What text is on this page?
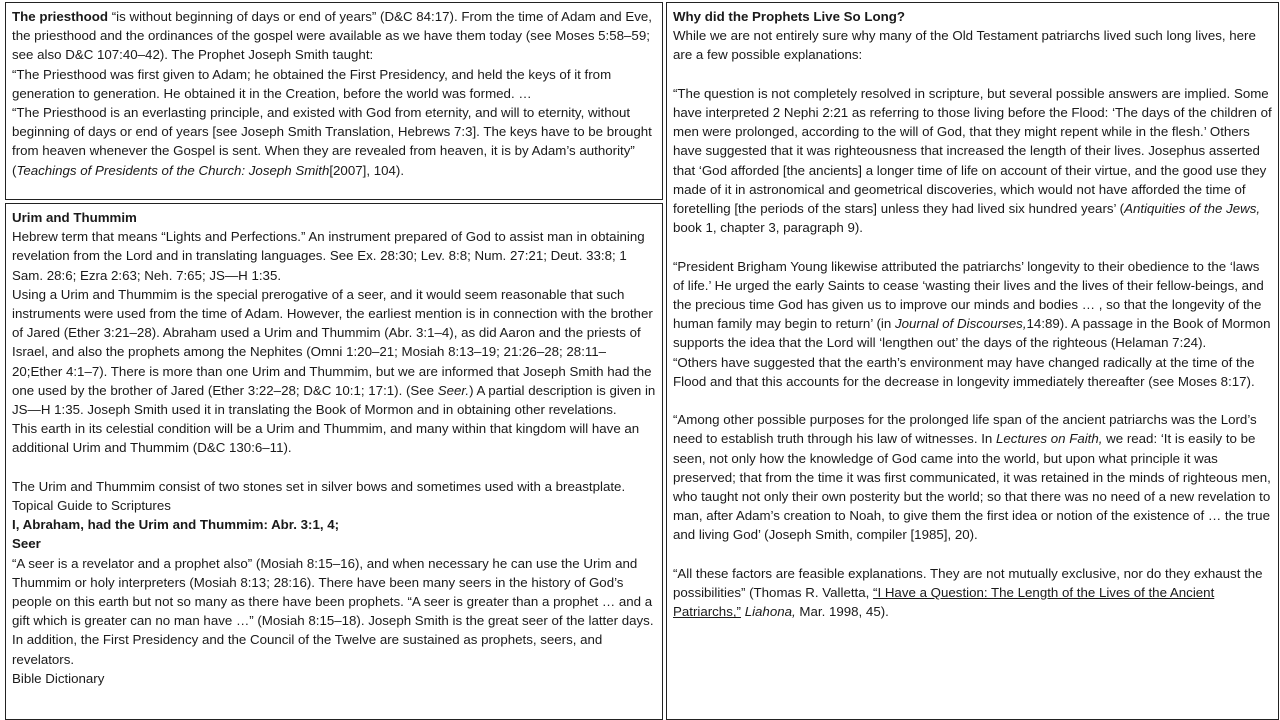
The priesthood “is without beginning of days or end of years” (D&C 84:17). From the time of Adam and Eve, the priesthood and the ordinances of the gospel were available as we have them today (see Moses 5:58–59; see also D&C 107:40–42). The Prophet Joseph Smith taught:

“The Priesthood was first given to Adam; he obtained the First Presidency, and held the keys of it from generation to generation. He obtained it in the Creation, before the world was formed. …

“The Priesthood is an everlasting principle, and existed with God from eternity, and will to eternity, without beginning of days or end of years [see Joseph Smith Translation, Hebrews 7:3]. The keys have to be brought from heaven whenever the Gospel is sent. When they are revealed from heaven, it is by Adam’s authority” (Teachings of Presidents of the Church: Joseph Smith[2007], 104).

Urim and Thummim

Hebrew term that means “Lights and Perfections.” An instrument prepared of God to assist man in obtaining revelation from the Lord and in translating languages. See Ex. 28:30; Lev. 8:8; Num. 27:21; Deut. 33:8; 1 Sam. 28:6; Ezra 2:63; Neh. 7:65; JS—H 1:35.

Using a Urim and Thummim is the special prerogative of a seer, and it would seem reasonable that such instruments were used from the time of Adam. However, the earliest mention is in connection with the brother of Jared (Ether 3:21–28). Abraham used a Urim and Thummim (Abr. 3:1–4), as did Aaron and the priests of Israel, and also the prophets among the Nephites (Omni 1:20–21; Mosiah 8:13–19; 21:26–28; 28:11–20;Ether 4:1–7). There is more than one Urim and Thummim, but we are informed that Joseph Smith had the one used by the brother of Jared (Ether 3:22–28; D&C 10:1; 17:1). (See Seer.) A partial description is given in JS—H 1:35. Joseph Smith used it in translating the Book of Mormon and in obtaining other revelations.

This earth in its celestial condition will be a Urim and Thummim, and many within that kingdom will have an additional Urim and Thummim (D&C 130:6–11).

The Urim and Thummim consist of two stones set in silver bows and sometimes used with a breastplate. Topical Guide to Scriptures

I, Abraham, had the Urim and Thummim: Abr. 3:1, 4;

Seer

“A seer is a revelator and a prophet also” (Mosiah 8:15–16), and when necessary he can use the Urim and Thummim or holy interpreters (Mosiah 8:13; 28:16). There have been many seers in the history of God’s people on this earth but not so many as there have been prophets. “A seer is greater than a prophet … and a gift which is greater can no man have …” (Mosiah 8:15–18). Joseph Smith is the great seer of the latter days. In addition, the First Presidency and the Council of the Twelve are sustained as prophets, seers, and revelators.

Bible Dictionary

Why did the Prophets Live So Long?

While we are not entirely sure why many of the Old Testament patriarchs lived such long lives, here are a few possible explanations:

“The question is not completely resolved in scripture, but several possible answers are implied. Some have interpreted 2 Nephi 2:21 as referring to those living before the Flood: ‘The days of the children of men were prolonged, according to the will of God, that they might repent while in the flesh.’ Others have suggested that it was righteousness that increased the length of their lives. Josephus asserted that ‘God afforded [the ancients] a longer time of life on account of their virtue, and the good use they made of it in astronomical and geometrical discoveries, which would not have afforded the time of foretelling [the periods of the stars] unless they had lived six hundred years’ (Antiquities of the Jews, book 1, chapter 3, paragraph 9).

“President Brigham Young likewise attributed the patriarchs’ longevity to their obedience to the ‘laws of life.’ He urged the early Saints to cease ‘wasting their lives and the lives of their fellow-beings, and the precious time God has given us to improve our minds and bodies … , so that the longevity of the human family may begin to return’ (in Journal of Discourses,14:89). A passage in the Book of Mormon supports the idea that the Lord will ‘lengthen out’ the days of the righteous (Helaman 7:24).

“Others have suggested that the earth’s environment may have changed radically at the time of the Flood and that this accounts for the decrease in longevity immediately thereafter (see Moses 8:17).

“Among other possible purposes for the prolonged life span of the ancient patriarchs was the Lord’s need to establish truth through his law of witnesses. In Lectures on Faith, we read: ‘It is easily to be seen, not only how the knowledge of God came into the world, but upon what principle it was preserved; that from the time it was first communicated, it was retained in the minds of righteous men, who taught not only their own posterity but the world; so that there was no need of a new revelation to man, after Adam’s creation to Noah, to give them the first idea or notion of the existence of … the true and living God’ (Joseph Smith, compiler [1985], 20).

“All these factors are feasible explanations. They are not mutually exclusive, nor do they exhaust the possibilities” (Thomas R. Valletta, “I Have a Question: The Length of the Lives of the Ancient Patriarchs,” Liahona, Mar. 1998, 45).
